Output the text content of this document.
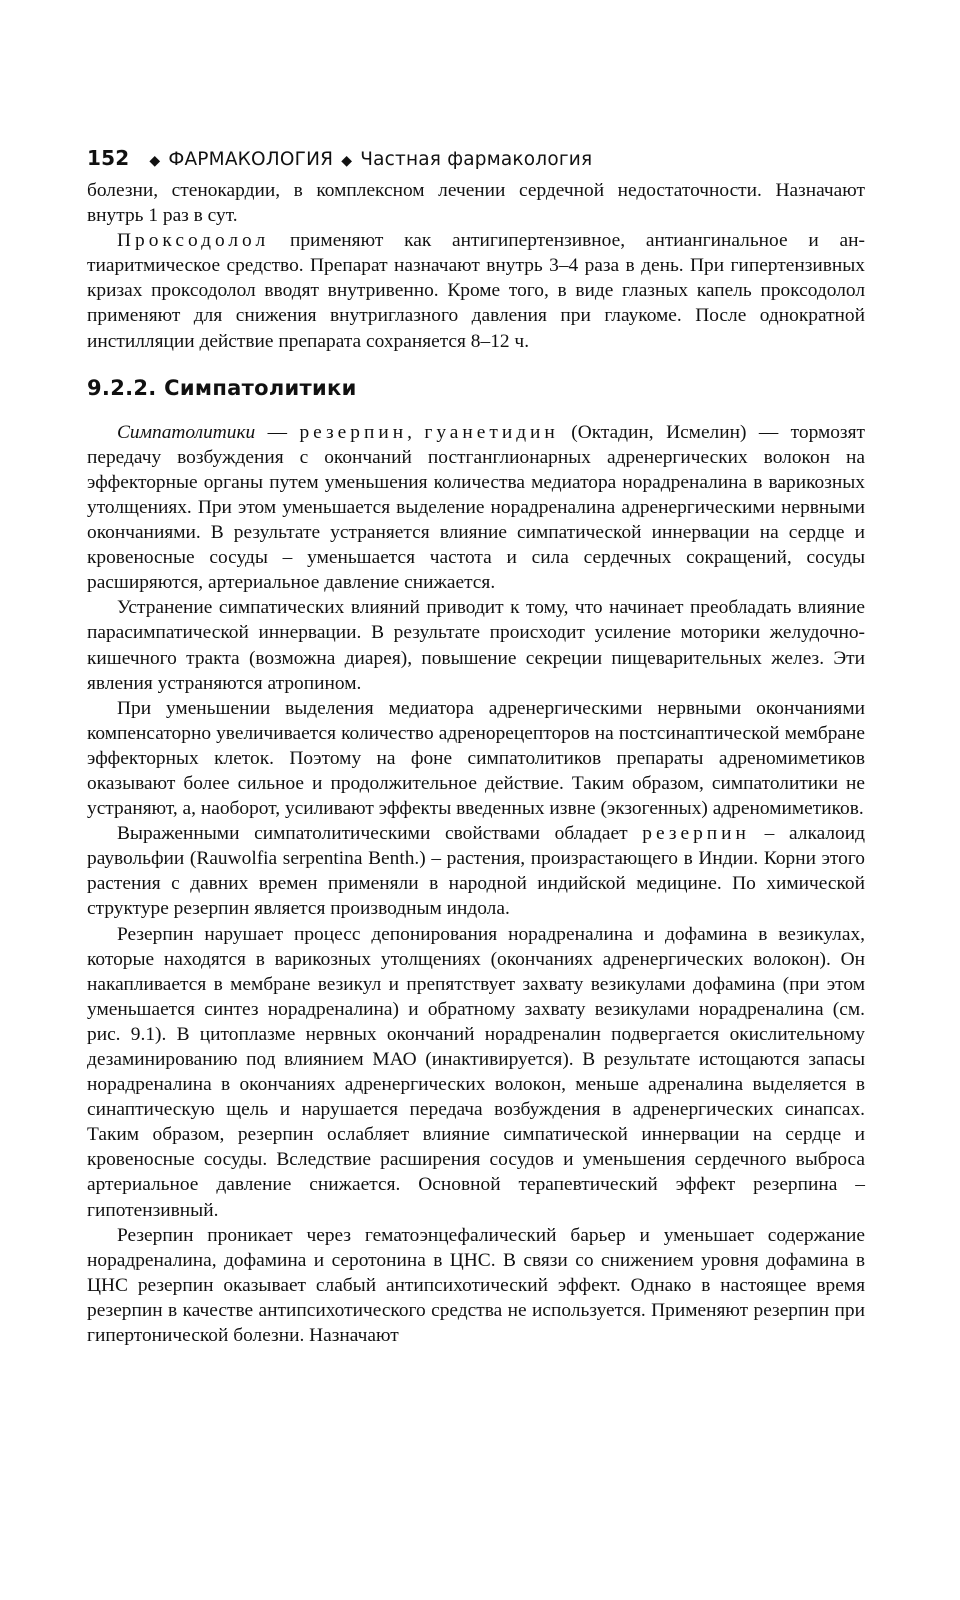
152 ◆ ФАРМАКОЛОГИЯ ◆ Частная фармакология

болезни, стенокардии, в комплексном лечении сердечной недостаточности. Назначают внутрь 1 раз в сут.

Проксодолол применяют как антигипертензивное, антиангинальное и антиаритмическое средство. Препарат назначают внутрь 3–4 раза в день. При гипертензивных кризах проксодолол вводят внутривенно. Кроме того, в виде глазных капель проксодолол применяют для снижения внутриглазного давления при глаукоме. После однократной инстилляции действие препарата сохраняется 8–12 ч.

9.2.2. Симпатолитики

Симпатолитики — резерпин, гуанетидин (Октадин, Исмелин) — тормозят передачу возбуждения с окончаний постганглионарных адренергических волокон на эффекторные органы путем уменьшения количества медиатора норадреналина в варикозных утолщениях. При этом уменьшается выделение норадреналина адренергическими нервными окончаниями. В результате устраняется влияние симпатической иннервации на сердце и кровеносные сосуды – уменьшается частота и сила сердечных сокращений, сосуды расширяются, артериальное давление снижается.

Устранение симпатических влияний приводит к тому, что начинает преобладать влияние парасимпатической иннервации. В результате происходит усиление моторики желудочно-кишечного тракта (возможна диарея), повышение секреции пищеварительных желез. Эти явления устраняются атропином.

При уменьшении выделения медиатора адренергическими нервными окончаниями компенсаторно увеличивается количество адренорецепторов на постсинаптической мембране эффекторных клеток. Поэтому на фоне симпатолитиков препараты адреномиметиков оказывают более сильное и продолжительное действие. Таким образом, симпатолитики не устраняют, а, наоборот, усиливают эффекты введенных извне (экзогенных) адреномиметиков.

Выраженными симпатолитическими свойствами обладает резерпин – алкалоид раувольфии (Rauwolfia serpentina Benth.) – растения, произрастающего в Индии. Корни этого растения с давних времен применяли в народной индийской медицине. По химической структуре резерпин является производным индола.

Резерпин нарушает процесс депонирования норадреналина и дофамина в везикулах, которые находятся в варикозных утолщениях (окончаниях адренергических волокон). Он накапливается в мембране везикул и препятствует захвату везикулами дофамина (при этом уменьшается синтез норадреналина) и обратному захвату везикулами норадреналина (см. рис. 9.1). В цитоплазме нервных окончаний норадреналин подвергается окислительному дезаминированию под влиянием МАО (инактивируется). В результате истощаются запасы норадреналина в окончаниях адренергических волокон, меньше адреналина выделяется в синаптическую щель и нарушается передача возбуждения в адренергических синапсах. Таким образом, резерпин ослабляет влияние симпатической иннервации на сердце и кровеносные сосуды. Вследствие расширения сосудов и уменьшения сердечного выброса артериальное давление снижается. Основной терапевтический эффект резерпина – гипотензивный.

Резерпин проникает через гематоэнцефалический барьер и уменьшает содержание норадреналина, дофамина и серотонина в ЦНС. В связи со снижением уровня дофамина в ЦНС резерпин оказывает слабый антипсихотический эффект. Однако в настоящее время резерпин в качестве антипсихотического средства не используется. Применяют резерпин при гипертонической болезни. Назначают
